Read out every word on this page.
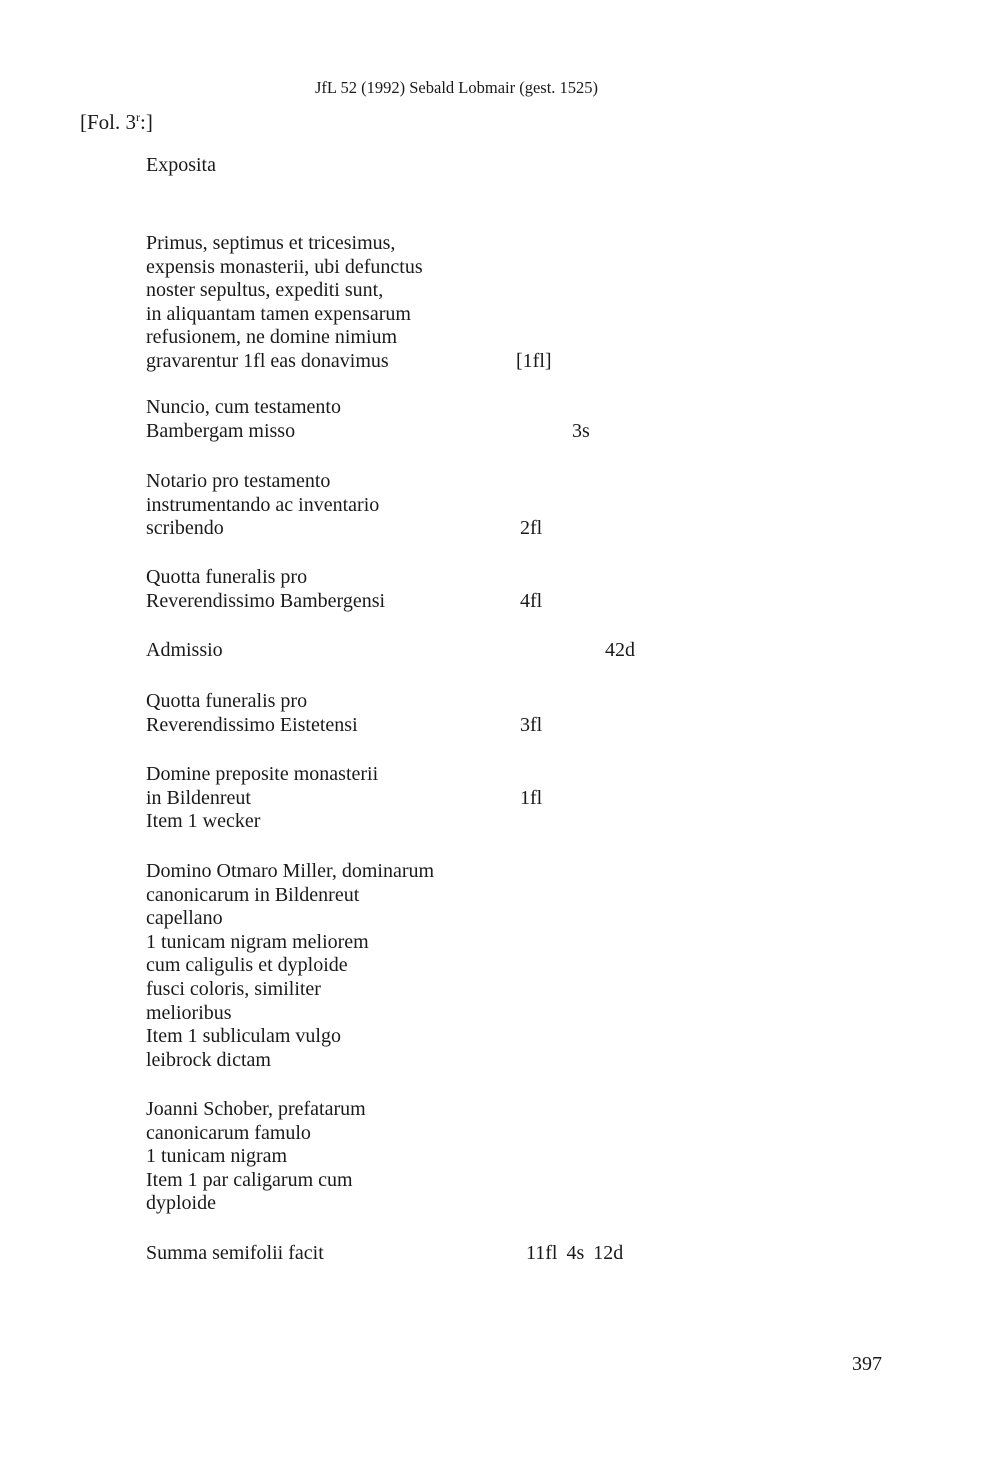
JfL 52 (1992) Sebald Lobmair (gest. 1525)
[Fol. 3$^r$:]
Exposita
Primus, septimus et tricesimus,
expensis monasterii, ubi defunctus
noster sepultus, expediti sunt,
in aliquantam tamen expensarum
refusionem, ne domine nimium
gravarentur 1fl eas donavimus	[1fl]
Nuncio, cum testamento
Bambergam misso	3s
Notario pro testamento
instrumentando ac inventario
scribendo	2fl
Quotta funeralis pro
Reverendissimo Bambergensi	4fl
Admissio	42d
Quotta funeralis pro
Reverendissimo Eistetensi	3fl
Domine preposite monasterii
in Bildenreut	1fl
Item 1 wecker
Domino Otmaro Miller, dominarum
canonicarum in Bildenreut
capellano
1 tunicam nigram meliorem
cum caligulis et dyploide
fusci coloris, similiter
melioribus
Item 1 subliculam vulgo
leibrock dictam
Joanni Schober, prefatarum
canonicarum famulo
1 tunicam nigram
Item 1 par caligarum cum
dyploide
Summa semifolii facit	11fl 4s 12d
397
